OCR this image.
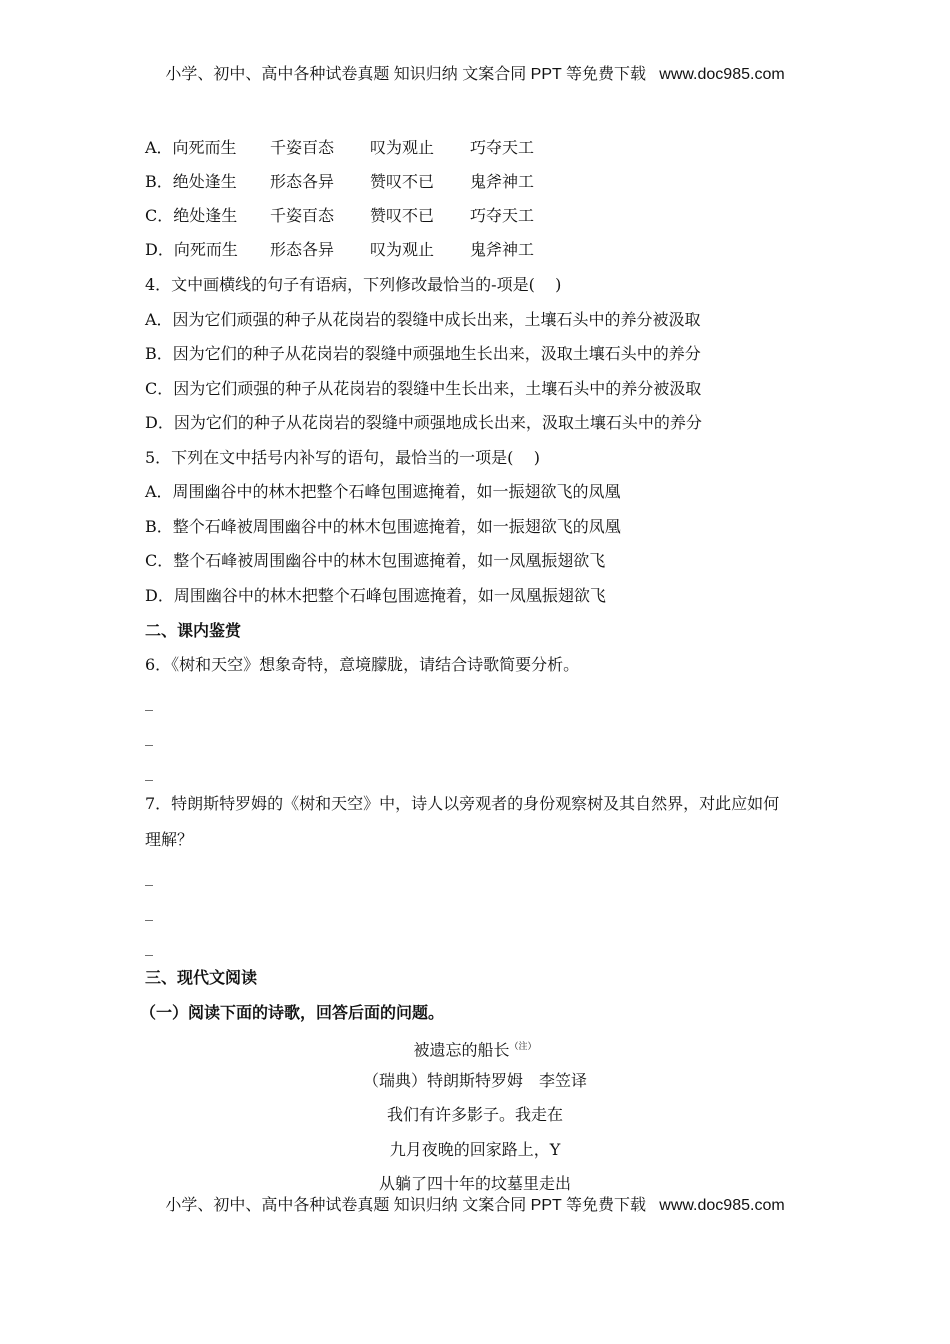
小学、初中、高中各种试卷真题 知识归纳 文案合同 PPT 等免费下载   www.doc985.com
A．向死而生 千姿百态 叹为观止 巧夺天工
B．绝处逢生 形态各异 赞叹不已 鬼斧神工
C．绝处逢生 千姿百态 赞叹不已 巧夺天工
D．向死而生 形态各异 叹为观止 鬼斧神工
4．文中画横线的句子有语病，下列修改最恰当的-项是(    )
A．因为它们顽强的种子从花岗岩的裂缝中成长出来，土壤石头中的养分被汲取
B．因为它们的种子从花岗岩的裂缝中顽强地生长出来，汲取土壤石头中的养分
C．因为它们顽强的种子从花岗岩的裂缝中生长出来，土壤石头中的养分被汲取
D．因为它们的种子从花岗岩的裂缝中顽强地成长出来，汲取土壤石头中的养分
5．下列在文中括号内补写的语句，最恰当的一项是(    )
A．周围幽谷中的林木把整个石峰包围遮掩着，如一振翅欲飞的凤凰
B．整个石峰被周围幽谷中的林木包围遮掩着，如一振翅欲飞的凤凰
C．整个石峰被周围幽谷中的林木包围遮掩着，如一凤凰振翅欲飞
D．周围幽谷中的林木把整个石峰包围遮掩着，如一凤凰振翅欲飞
二、课内鉴赏
6．《树和天空》想象奇特，意境朦胧，请结合诗歌简要分析。
_
_
_
7．特朗斯特罗姆的《树和天空》中，诗人以旁观者的身份观察树及其自然界，对此应如何
理解？
_
_
_
三、现代文阅读
（一）阅读下面的诗歌，回答后面的问题。
被遗忘的船长$^{(注)}$
（瑞典）特朗斯特罗姆　李笠译
我们有许多影子。我走在
九月夜晚的回家路上，Y
从躺了四十年的坟墓里走出
小学、初中、高中各种试卷真题 知识归纳 文案合同 PPT 等免费下载   www.doc985.com
